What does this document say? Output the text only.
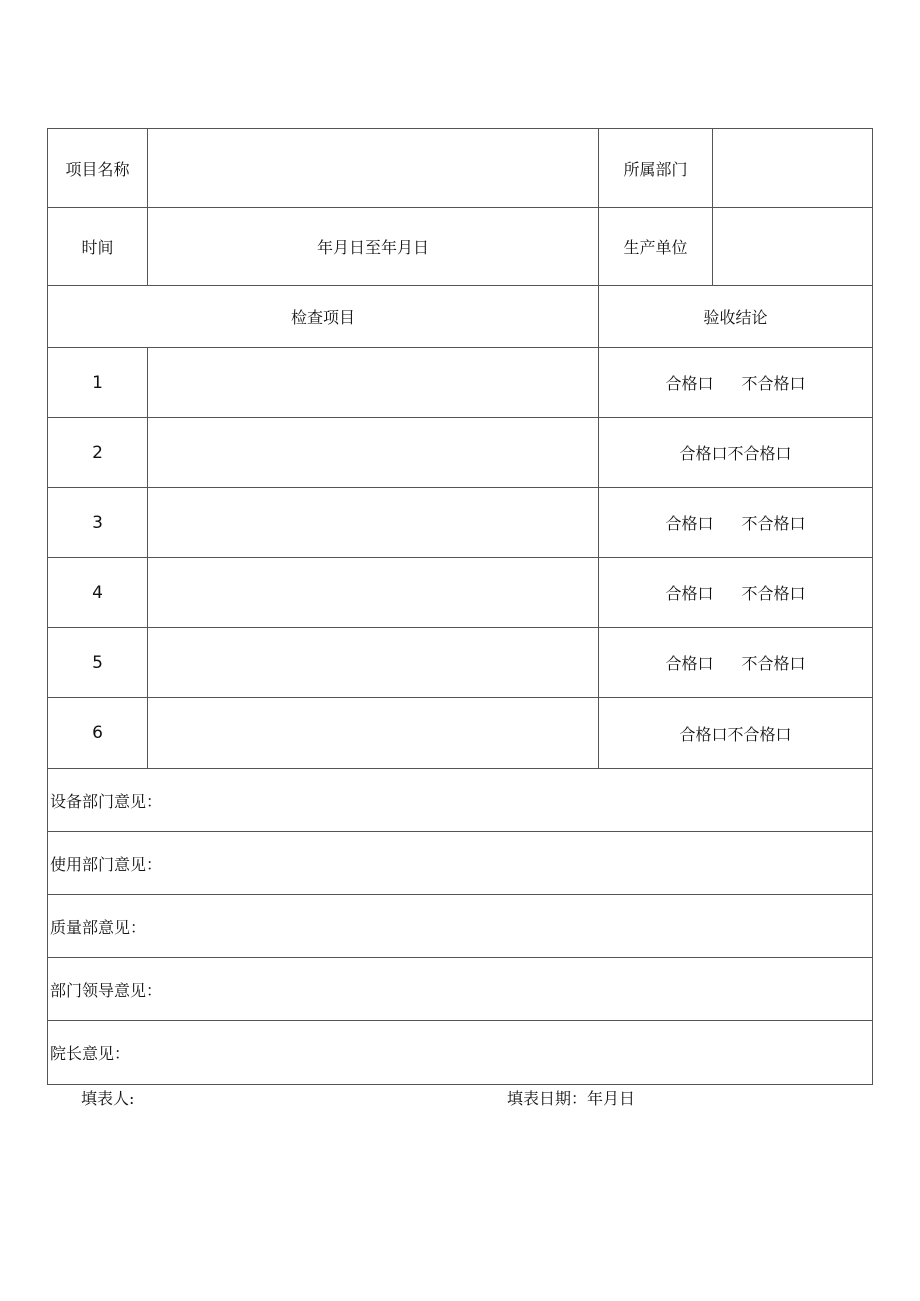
项目名称		所属部门	
时间	年月日至年月日	生产单位	
检查项目		验收结论	
1		合格口 不合格口	
2		合格口不合格口	
3		合格口 不合格口	
4		合格口 不合格口	
5		合格口 不合格口	
6		合格口不合格口	
设备部门意见：			
使用部门意见：			
质量部意见：			
部门领导意见：			
院长意见：			
填表人:	填表日期：年月日
